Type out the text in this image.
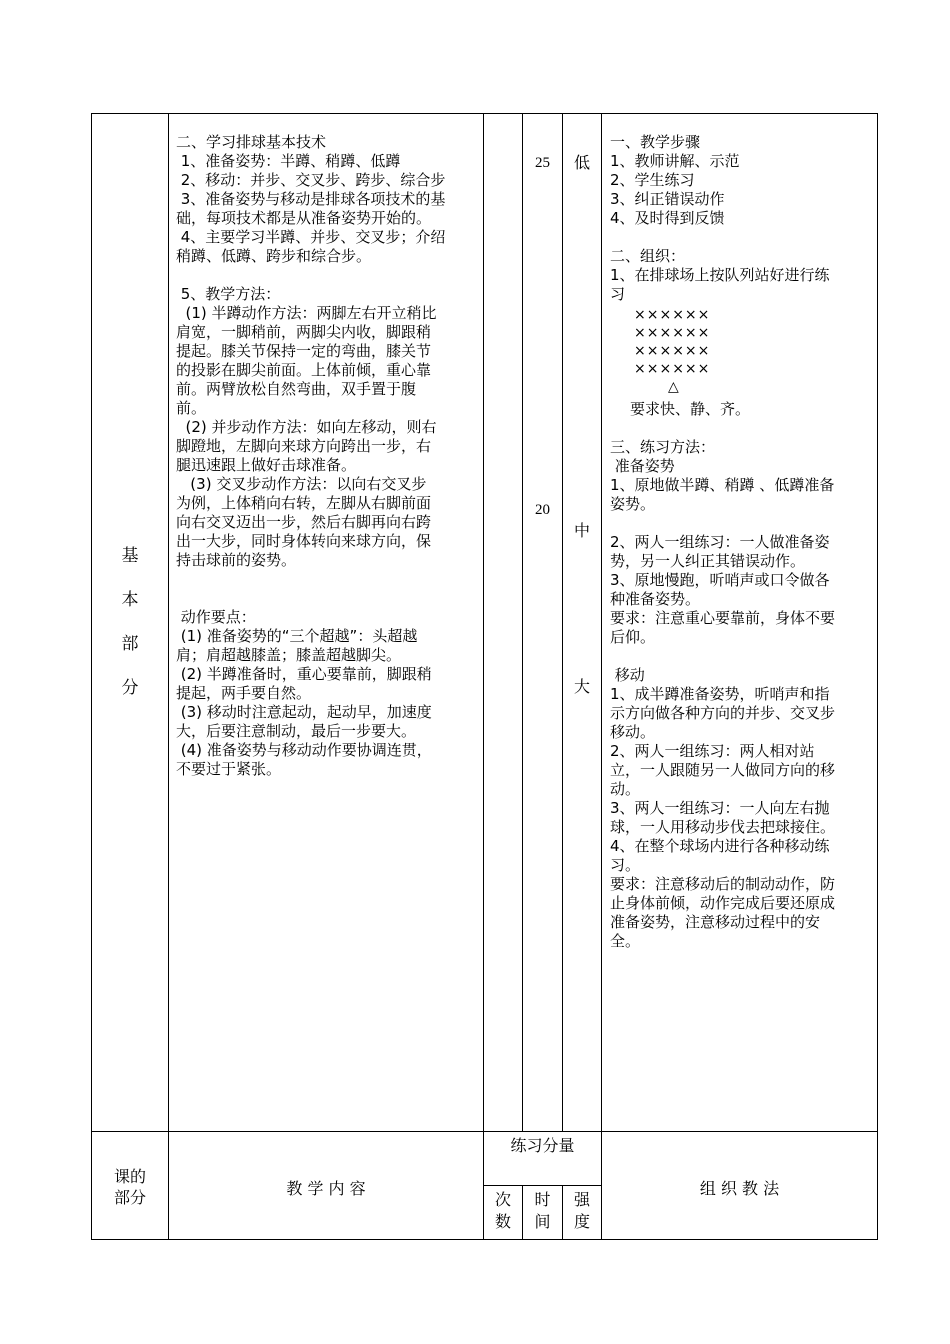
基
本
部
分
二、学习排球基本技术
1、准备姿势：半蹲、稍蹲、低蹲
2、移动：并步、交叉步、跨步、综合步
3、准备姿势与移动是排球各项技术的基
础，每项技术都是从准备姿势开始的。
4、主要学习半蹲、并步、交叉步；介绍
稍蹲、低蹲、跨步和综合步。

5、教学方法：
(1) 半蹲动作方法：两脚左右开立稍比
肩宽，一脚稍前，两脚尖内收，脚跟稍
提起。膝关节保持一定的弯曲，膝关节
的投影在脚尖前面。上体前倾，重心靠
前。两臂放松自然弯曲，双手置于腹
前。
(2) 并步动作方法：如向左移动，则右
脚蹬地，左脚向来球方向跨出一步，右
腿迅速跟上做好击球准备。
(3) 交叉步动作方法：以向右交叉步
为例，上体稍向右转，左脚从右脚前面
向右交叉迈出一步，然后右脚再向右跨
出一大步，同时身体转向来球方向，保
持击球前的姿势。

动作要点：
(1) 准备姿势的“三个超越”：头超越
肩；肩超越膝盖；膝盖超越脚尖。
(2) 半蹲准备时，重心要靠前，脚跟稍
提起，两手要自然。
(3) 移动时注意起动，起动早，加速度
大，后要注意制动，最后一步要大。
(4) 准备姿势与移动动作要协调连贯，
不要过于紧张。
25
20
低
中
大
一、教学步骤
1、教师讲解、示范
2、学生练习
3、纠正错误动作
4、及时得到反馈

二、组织：
1、在排球场上按队列站好进行练
习
××××××
××××××
××××××
××××××
△
要求快、静、齐。
三、练习方法：
准备姿势
1、原地做半蹲、稍蹲 、低蹲准备
姿势。

2、两人一组练习：一人做准备姿
势，另一人纠正其错误动作。
3、原地慢跑，听哨声或口令做各
种准备姿势。
要求：注意重心要靠前，身体不要
后仰。

移动
1、成半蹲准备姿势，听哨声和指
示方向做各种方向的并步、交叉步
移动。
2、两人一组练习：两人相对站
立，一人跟随另一人做同方向的移
动。
3、两人一组练习：一人向左右抛
球，一人用移动步伐去把球接住。
4、在整个球场内进行各种移动练
习。
要求：注意移动后的制动动作，防
止身体前倾，动作完成后要还原成
准备姿势，注意移动过程中的安
全。
课的
部分	教 学 内 容
练习分量
次
数
时
间
强
度
组 织 教 法
